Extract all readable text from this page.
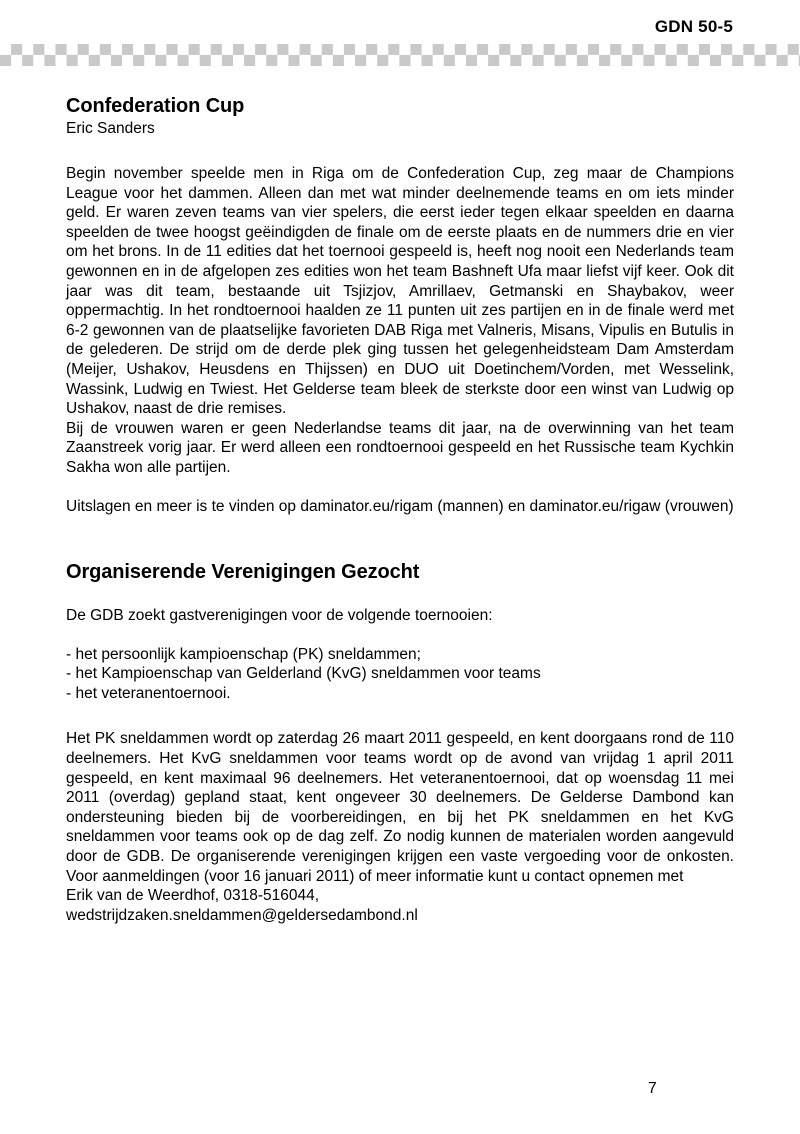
GDN 50-5
Confederation Cup
Eric Sanders

Begin november speelde men in Riga om de Confederation Cup, zeg maar de Champions League voor het dammen. Alleen dan met wat minder deelnemende teams en om iets minder geld. Er waren zeven teams van vier spelers, die eerst ieder tegen elkaar speelden en daarna speelden de twee hoogst geëindigden de finale om de eerste plaats en de nummers drie en vier om het brons. In de 11 edities dat het toernooi gespeeld is, heeft nog nooit een Nederlands team gewonnen en in de afgelopen zes edities won het team Bashneft Ufa maar liefst vijf keer. Ook dit jaar was dit team, bestaande uit Tsjizjov, Amrillaev, Getmanski en Shaybakov, weer oppermachtig. In het rondtoernooi haalden ze 11 punten uit zes partijen en in de finale werd met 6-2 gewonnen van de plaatselijke favorieten DAB Riga met Valneris, Misans, Vipulis en Butulis in de gelederen. De strijd om de derde plek ging tussen het gelegenheidsteam Dam Amsterdam (Meijer, Ushakov, Heusdens en Thijssen) en DUO uit Doetinchem/Vorden, met Wesselink, Wassink, Ludwig en Twiest. Het Gelderse team bleek de sterkste door een winst van Ludwig op Ushakov, naast de drie remises.

Bij de vrouwen waren er geen Nederlandse teams dit jaar, na de overwinning van het team Zaanstreek vorig jaar. Er werd alleen een rondtoernooi gespeeld en het Russische team Kychkin Sakha won alle partijen.

Uitslagen en meer is te vinden op daminator.eu/rigam (mannen) en daminator.eu/rigaw (vrouwen)

Organiserende Verenigingen Gezocht

De GDB zoekt gastverenigingen voor de volgende toernooien:

- het persoonlijk kampioenschap (PK) sneldammen;
- het Kampioenschap van Gelderland (KvG) sneldammen voor teams
- het veteranentoernooi.

Het PK sneldammen wordt op zaterdag 26 maart 2011 gespeeld, en kent doorgaans rond de 110 deelnemers. Het KvG sneldammen voor teams wordt op de avond van vrijdag 1 april 2011 gespeeld, en kent maximaal 96 deelnemers. Het veteranentoernooi, dat op woensdag 11 mei 2011 (overdag) gepland staat, kent ongeveer 30 deelnemers. De Gelderse Dambond kan ondersteuning bieden bij de voorbereidingen, en bij het PK sneldammen en het KvG sneldammen voor teams ook op de dag zelf. Zo nodig kunnen de materialen worden aangevuld door de GDB. De organiserende verenigingen krijgen een vaste vergoeding voor de onkosten. Voor aanmeldingen (voor 16 januari 2011) of meer informatie kunt u contact opnemen met

Erik van de Weerdhof, 0318-516044,
wedstrijdzaken.sneldammen@geldersedambond.nl
7
